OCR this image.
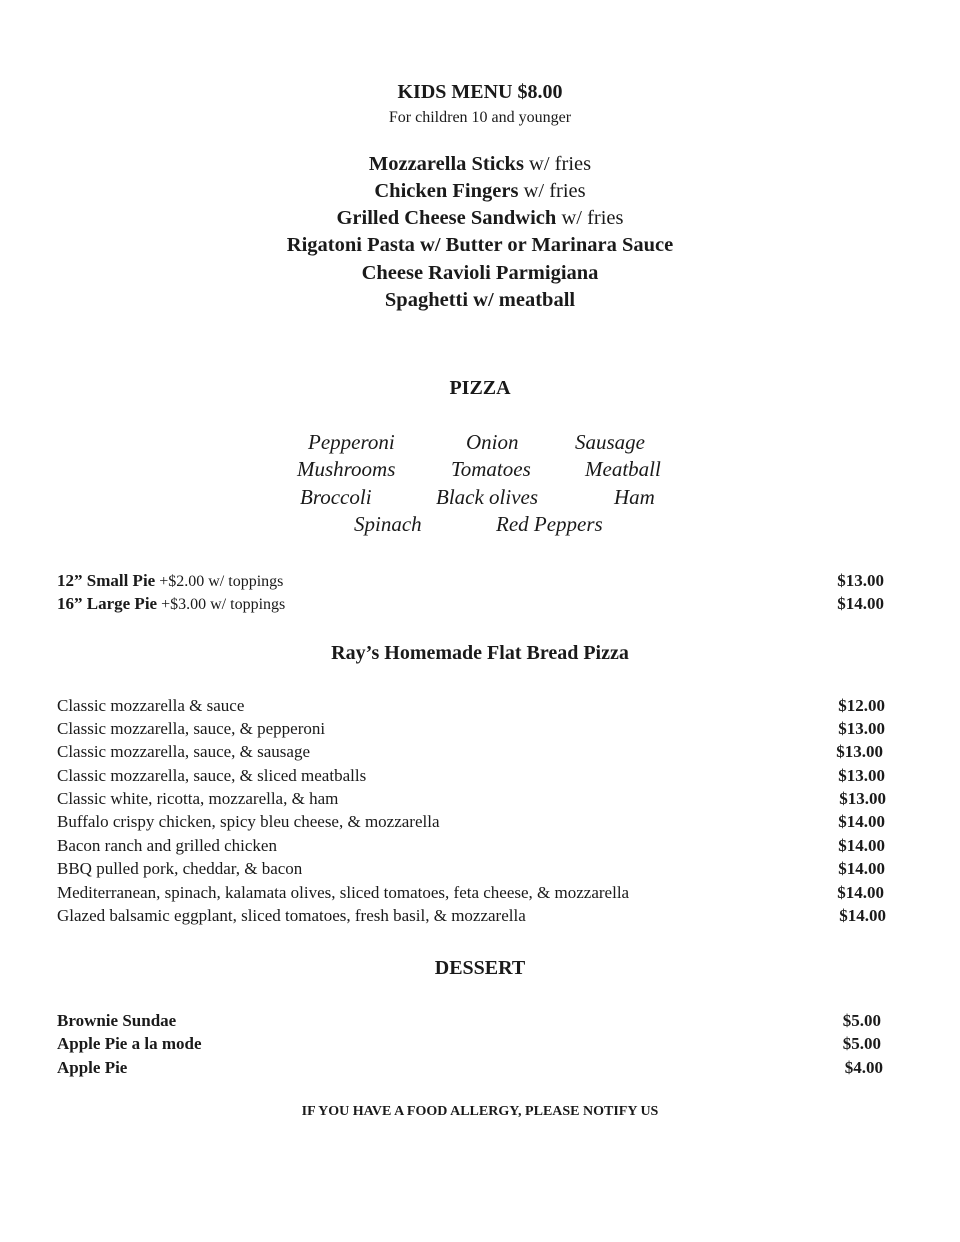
KIDS MENU $8.00
For children 10 and younger
Mozzarella Sticks w/ fries
Chicken Fingers w/ fries
Grilled Cheese Sandwich w/ fries
Rigatoni Pasta w/ Butter or Marinara Sauce
Cheese Ravioli Parmigiana
Spaghetti w/ meatball
PIZZA
Pepperoni	Onion	Sausage
Mushrooms	Tomatoes	Meatball
Broccoli	Black olives	Ham
Spinach	Red Peppers
12” Small Pie +$2.00 w/ toppings	$13.00
16” Large Pie +$3.00 w/ toppings	$14.00
Ray’s Homemade Flat Bread Pizza
Classic mozzarella & sauce	$12.00
Classic mozzarella, sauce, & pepperoni	$13.00
Classic mozzarella, sauce, & sausage	$13.00
Classic mozzarella, sauce, & sliced meatballs	$13.00
Classic white, ricotta, mozzarella, & ham	$13.00
Buffalo crispy chicken, spicy bleu cheese, & mozzarella	$14.00
Bacon ranch and grilled chicken	$14.00
BBQ pulled pork, cheddar, & bacon	$14.00
Mediterranean, spinach, kalamata olives, sliced tomatoes, feta cheese, & mozzarella	$14.00
Glazed balsamic eggplant, sliced tomatoes, fresh basil, & mozzarella	$14.00
DESSERT
Brownie Sundae	$5.00
Apple Pie a la mode	$5.00
Apple Pie	$4.00
IF YOU HAVE A FOOD ALLERGY, PLEASE NOTIFY US
